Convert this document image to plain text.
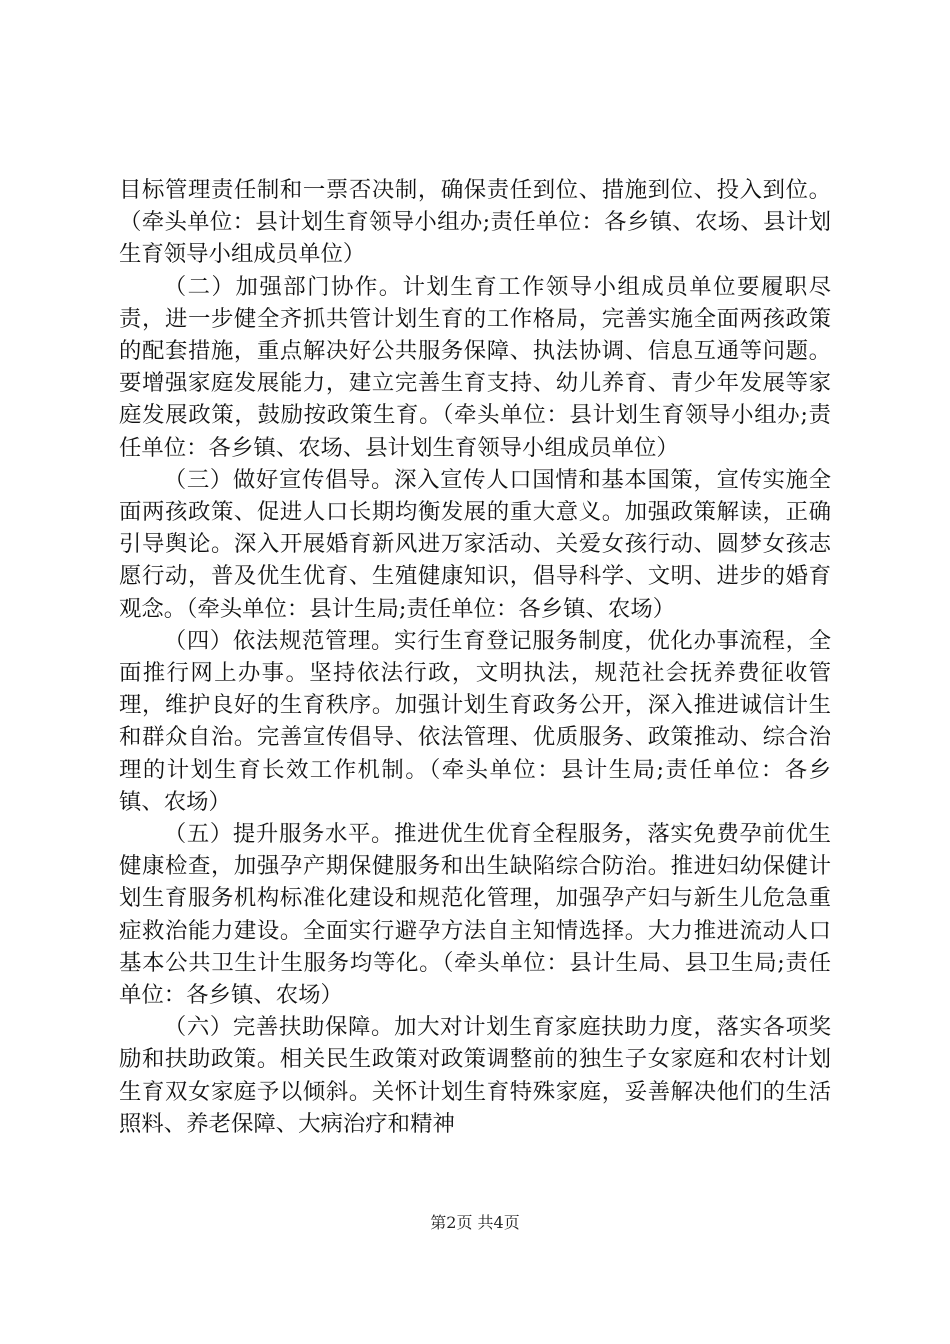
目标管理责任制和一票否决制，确保责任到位、措施到位、投入到位。（牵头单位：县计划生育领导小组办;责任单位：各乡镇、农场、县计划生育领导小组成员单位）

（二）加强部门协作。计划生育工作领导小组成员单位要履职尽责，进一步健全齐抓共管计划生育的工作格局，完善实施全面两孩政策的配套措施，重点解决好公共服务保障、执法协调、信息互通等问题。要增强家庭发展能力，建立完善生育支持、幼儿养育、青少年发展等家庭发展政策，鼓励按政策生育。（牵头单位：县计划生育领导小组办;责任单位：各乡镇、农场、县计划生育领导小组成员单位）

（三）做好宣传倡导。深入宣传人口国情和基本国策，宣传实施全面两孩政策、促进人口长期均衡发展的重大意义。加强政策解读，正确引导舆论。深入开展婚育新风进万家活动、关爱女孩行动、圆梦女孩志愿行动，普及优生优育、生殖健康知识，倡导科学、文明、进步的婚育观念。（牵头单位：县计生局;责任单位：各乡镇、农场）

（四）依法规范管理。实行生育登记服务制度，优化办事流程，全面推行网上办事。坚持依法行政，文明执法，规范社会抚养费征收管理，维护良好的生育秩序。加强计划生育政务公开，深入推进诚信计生和群众自治。完善宣传倡导、依法管理、优质服务、政策推动、综合治理的计划生育长效工作机制。（牵头单位：县计生局;责任单位：各乡镇、农场）

（五）提升服务水平。推进优生优育全程服务，落实免费孕前优生健康检查，加强孕产期保健服务和出生缺陷综合防治。推进妇幼保健计划生育服务机构标准化建设和规范化管理，加强孕产妇与新生儿危急重症救治能力建设。全面实行避孕方法自主知情选择。大力推进流动人口基本公共卫生计生服务均等化。（牵头单位：县计生局、县卫生局;责任单位：各乡镇、农场）

（六）完善扶助保障。加大对计划生育家庭扶助力度，落实各项奖励和扶助政策。相关民生政策对政策调整前的独生子女家庭和农村计划生育双女家庭予以倾斜。关怀计划生育特殊家庭，妥善解决他们的生活照料、养老保障、大病治疗和精神

第2页 共4页
